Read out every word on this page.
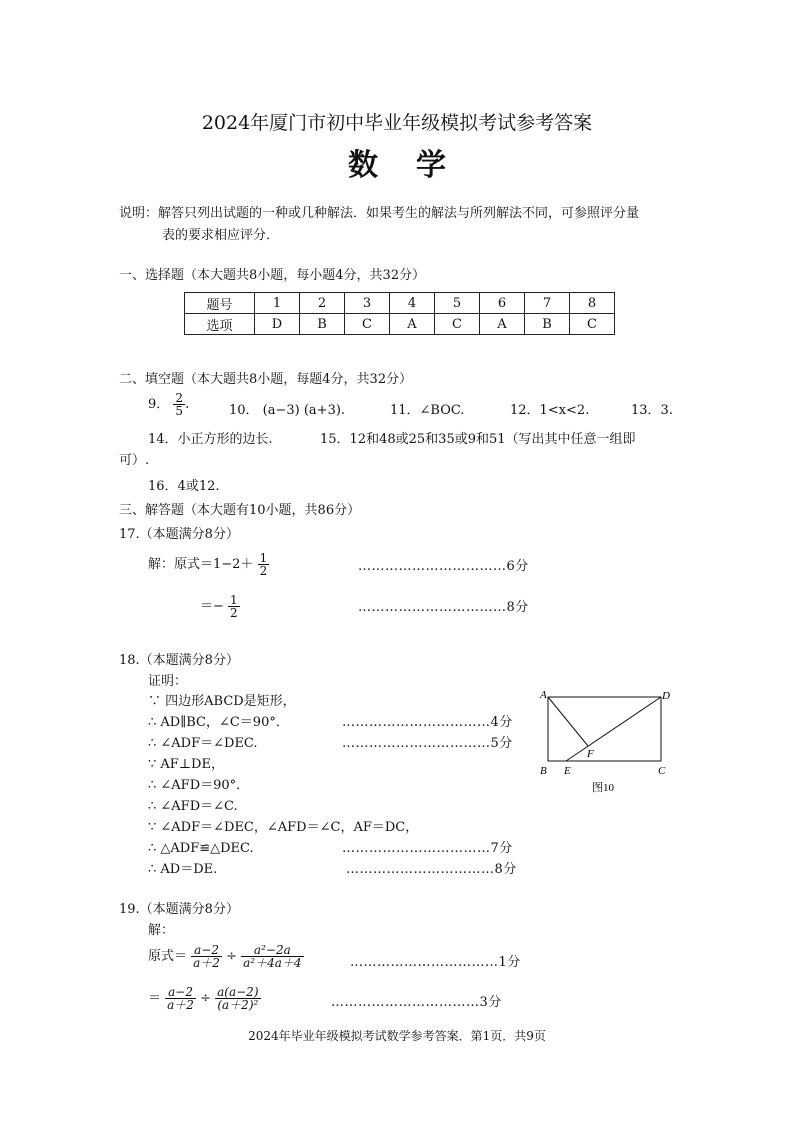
2024年厦门市初中毕业年级模拟考试参考答案
数学
说明：解答只列出试题的一种或几种解法．如果考生的解法与所列解法不同，可参照评分量
表的要求相应评分．
一、选择题（本大题共8小题，每小题4分，共32分）
题号	1	2	3	4	5	6	7	8
选项	D	B	C	A	C	A	B	C
二、填空题（本大题共8小题，每题4分，共32分）
9． $\frac{2}{5}$ .	10． (a−3) (a+3).	11．∠BOC.	12．1<x<2.	13．3.
14．小正方形的边长.	15．12和48或25和35或9和51（写出其中任意一组即
可）.
16．4或12.
三、解答题（本大题有10小题，共86分）
17.（本题满分8分）
解：原式$=1-2+ \frac{1}{2}$	……………………………6分
＝− $\frac{1}{2}$	……………………………8分
18.（本题满分8分）
证明：
∵ 四边形ABCD是矩形，
∴ AD∥BC，∠C＝90°．	……………………………4分
∴ ∠ADF＝∠DEC.	……………………………5分
∵ AF⊥DE，
∴ ∠AFD＝90°．
∴ ∠AFD＝∠C.
∵ ∠ADF＝∠DEC，∠AFD＝∠C，AF＝DC，
∴ △ADF≌△DEC.	……………………………7分
∴ AD＝DE.	……………………………8分
A	D
B E	C
F
图10
19.（本题满分8分）
解：
原式＝ $\frac{a-2}{a+2} \div \frac{\text{a²−2a}}{\text{a²＋4a＋4}}$	……………………………1分
＝ $\frac{a-2}{a+2} \div \frac{a(a-2)}{\text{(a＋2)²}}$	……………………………3分
2024年毕业年级模拟考试数学参考答案．第1页．共9页
